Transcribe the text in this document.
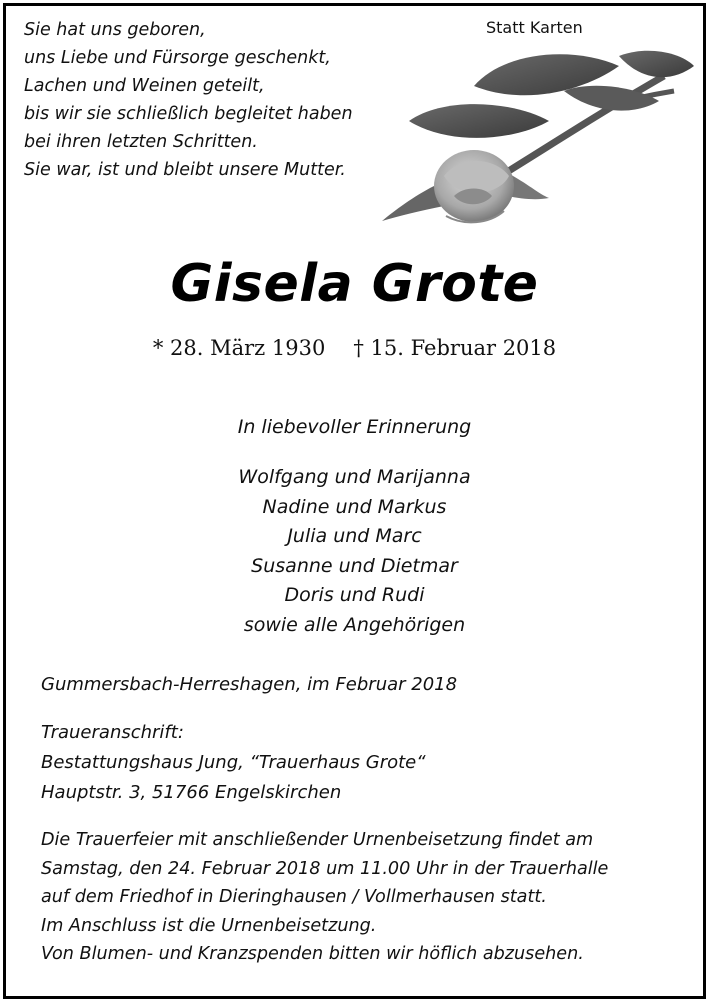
Sie hat uns geboren,
uns Liebe und Fürsorge geschenkt,
Lachen und Weinen geteilt,
bis wir sie schließlich begleitet haben
bei ihren letzten Schritten.
Sie war, ist und bleibt unsere Mutter.
Statt Karten
Gisela Grote
* 28. März 1930 † 15. Februar 2018
In liebevoller Erinnerung
Wolfgang und Marijanna
Nadine und Markus
Julia und Marc
Susanne und Dietmar
Doris und Rudi
sowie alle Angehörigen
Gummersbach-Herreshagen, im Februar 2018
Traueranschrift:
Bestattungshaus Jung, “Trauerhaus Grote“
Hauptstr. 3, 51766 Engelskirchen
Die Trauerfeier mit anschließender Urnenbeisetzung findet am
Samstag, den 24. Februar 2018 um 11.00 Uhr in der Trauerhalle
auf dem Friedhof in Dieringhausen / Vollmerhausen statt.
Im Anschluss ist die Urnenbeisetzung.
Von Blumen- und Kranzspenden bitten wir höflich abzusehen.
